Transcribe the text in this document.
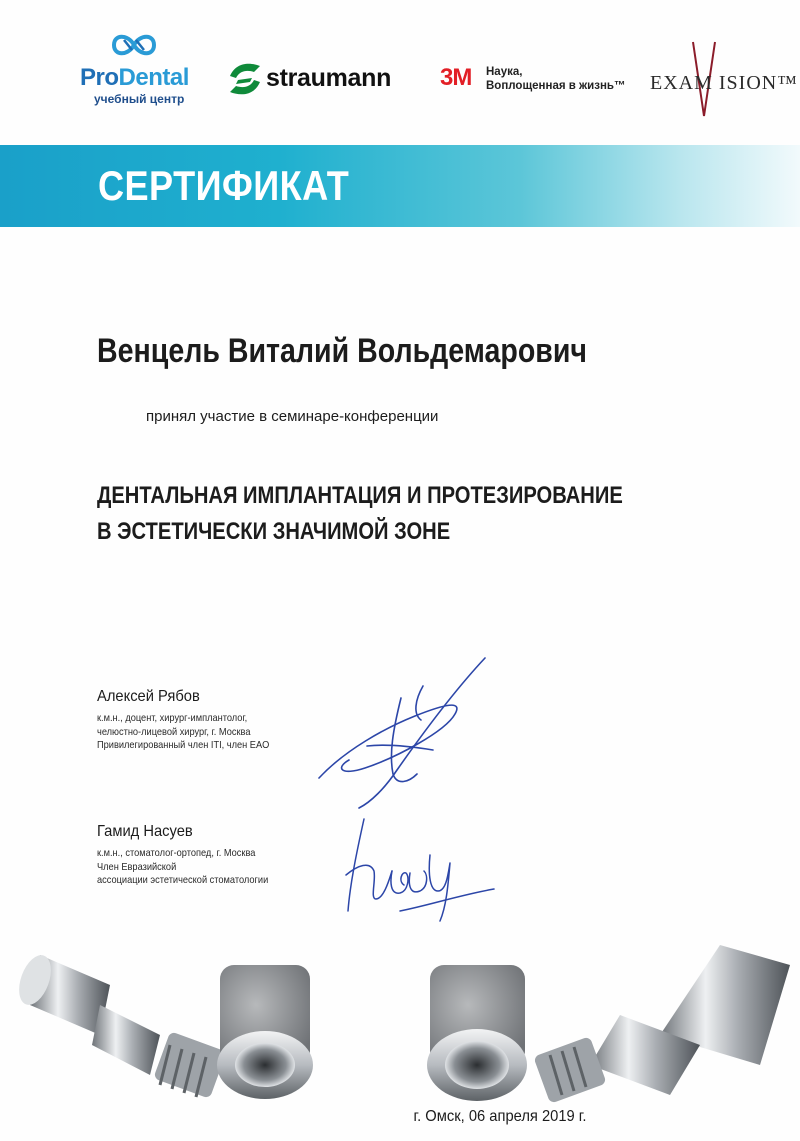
ProDental
учебный центр
straumann 3M Наука,
Воплощенная в жизнь™ EXAM ISION™
СЕРТИФИКАТ
Венцель Виталий Вольдемарович
принял участие в семинаре-конференции
ДЕНТАЛЬНАЯ ИМПЛАНТАЦИЯ И ПРОТЕЗИРОВАНИЕ
В ЭСТЕТИЧЕСКИ ЗНАЧИМОЙ ЗОНЕ
Алексей Рябов
к.м.н., доцент, хирург-имплантолог,
челюстно-лицевой хирург, г. Москва
Привилегированный член ITI, член EAO
Гамид Насуев
к.м.н., стоматолог-ортопед, г. Москва
Член Евразийской
ассоциации эстетической стоматологии
г. Омск, 06 апреля 2019 г.
